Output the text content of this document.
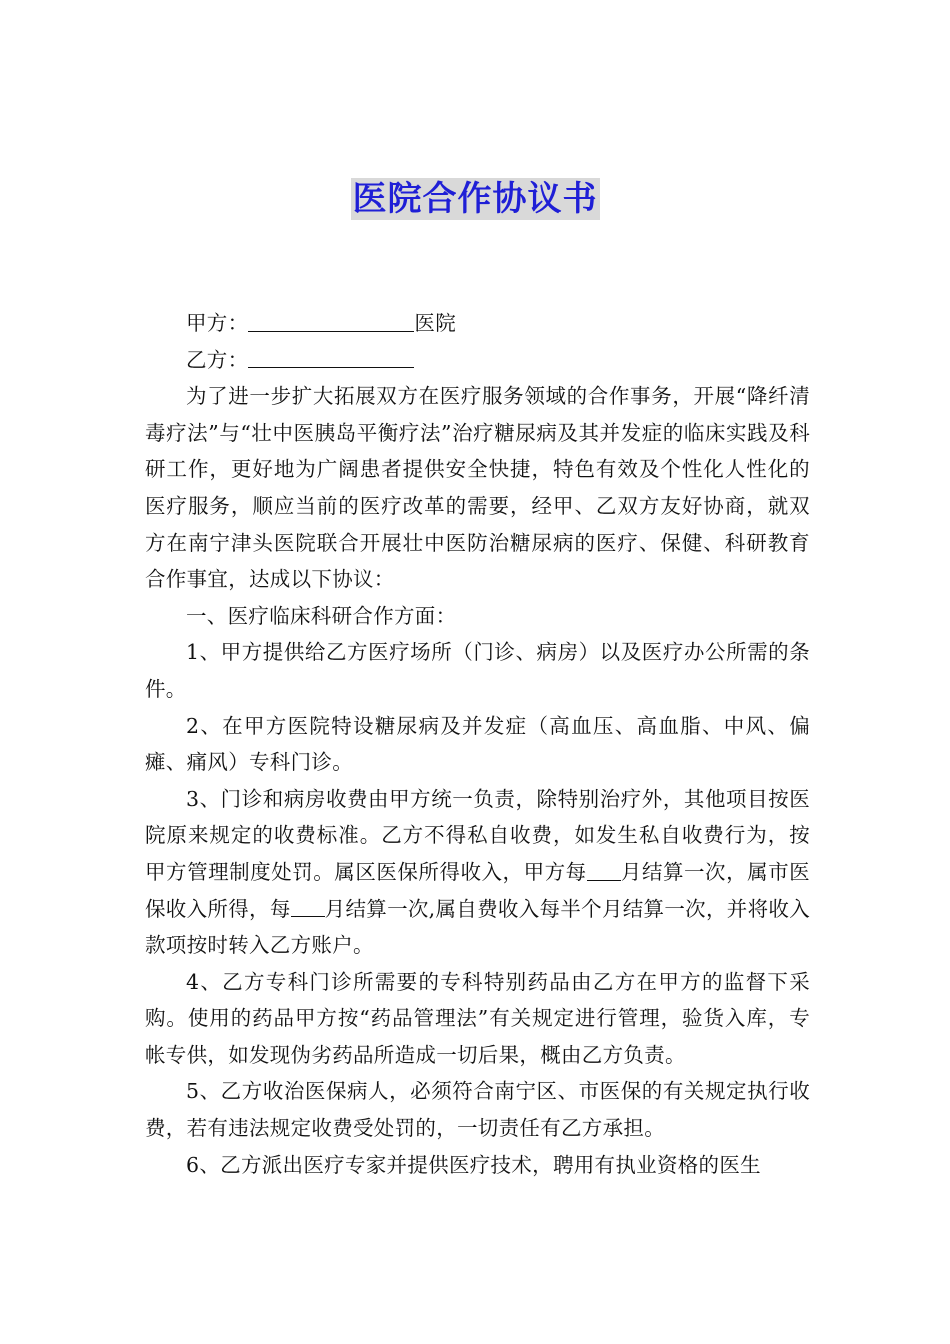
医院合作协议书

甲方：	医院

乙方：

为了进一步扩大拓展双方在医疗服务领域的合作事务，开展“降纤清毒疗法”与“壮中医胰岛平衡疗法”治疗糖尿病及其并发症的临床实践及科研工作，更好地为广阔患者提供安全快捷，特色有效及个性化人性化的医疗服务，顺应当前的医疗改革的需要，经甲、乙双方友好协商，就双方在南宁津头医院联合开展壮中医防治糖尿病的医疗、保健、科研教育合作事宜，达成以下协议：

一、医疗临床科研合作方面：

1、甲方提供给乙方医疗场所（门诊、病房）以及医疗办公所需的条件。

2、在甲方医院特设糖尿病及并发症（高血压、高血脂、中风、偏瘫、痛风）专科门诊。

3、门诊和病房收费由甲方统一负责，除特别治疗外，其他项目按医院原来规定的收费标准。乙方不得私自收费，如发生私自收费行为，按甲方管理制度处罚。属区医保所得收入，甲方每 月结算一次，属市医保收入所得，每 月结算一次,属自费收入每半个月结算一次，并将收入款项按时转入乙方账户。

4、乙方专科门诊所需要的专科特别药品由乙方在甲方的监督下采购。使用的药品甲方按“药品管理法”有关规定进行管理，验货入库，专帐专供，如发现伪劣药品所造成一切后果，概由乙方负责。

5、乙方收治医保病人，必须符合南宁区、市医保的有关规定执行收费，若有违法规定收费受处罚的，一切责任有乙方承担。

6、乙方派出医疗专家并提供医疗技术，聘用有执业资格的医生
